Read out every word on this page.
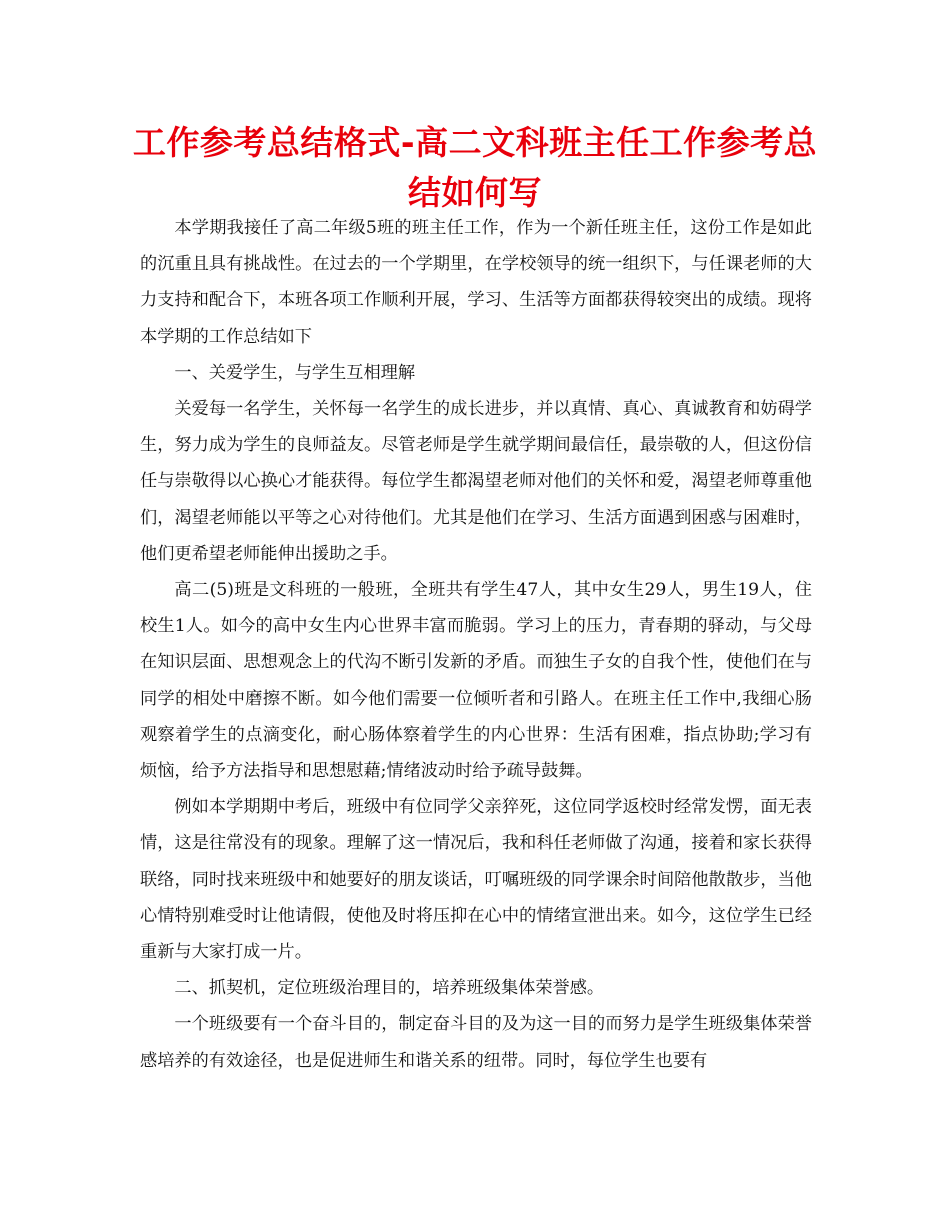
工作参考总结格式-高二文科班主任工作参考总结如何写

本学期我接任了高二年级5班的班主任工作，作为一个新任班主任，这份工作是如此的沉重且具有挑战性。在过去的一个学期里，在学校领导的统一组织下，与任课老师的大力支持和配合下，本班各项工作顺利开展，学习、生活等方面都获得较突出的成绩。现将本学期的工作总结如下

一、关爱学生，与学生互相理解

关爱每一名学生，关怀每一名学生的成长进步，并以真情、真心、真诚教育和妨碍学生，努力成为学生的良师益友。尽管老师是学生就学期间最信任，最崇敬的人，但这份信任与崇敬得以心换心才能获得。每位学生都渴望老师对他们的关怀和爱，渴望老师尊重他们，渴望老师能以平等之心对待他们。尤其是他们在学习、生活方面遇到困惑与困难时，他们更希望老师能伸出援助之手。

高二(5)班是文科班的一般班，全班共有学生47人，其中女生29人，男生19人，住校生1人。如今的高中女生内心世界丰富而脆弱。学习上的压力，青春期的驿动，与父母在知识层面、思想观念上的代沟不断引发新的矛盾。而独生子女的自我个性，使他们在与同学的相处中磨擦不断。如今他们需要一位倾听者和引路人。在班主任工作中,我细心肠观察着学生的点滴变化，耐心肠体察着学生的内心世界：生活有困难，指点协助;学习有烦恼，给予方法指导和思想慰藉;情绪波动时给予疏导鼓舞。

例如本学期期中考后，班级中有位同学父亲猝死，这位同学返校时经常发愣，面无表情，这是往常没有的现象。理解了这一情况后，我和科任老师做了沟通，接着和家长获得联络，同时找来班级中和她要好的朋友谈话，叮嘱班级的同学课余时间陪他散散步，当他心情特别难受时让他请假，使他及时将压抑在心中的情绪宣泄出来。如今，这位学生已经重新与大家打成一片。

二、抓契机，定位班级治理目的，培养班级集体荣誉感。

一个班级要有一个奋斗目的，制定奋斗目的及为这一目的而努力是学生班级集体荣誉感培养的有效途径，也是促进师生和谐关系的纽带。同时，每位学生也要有
